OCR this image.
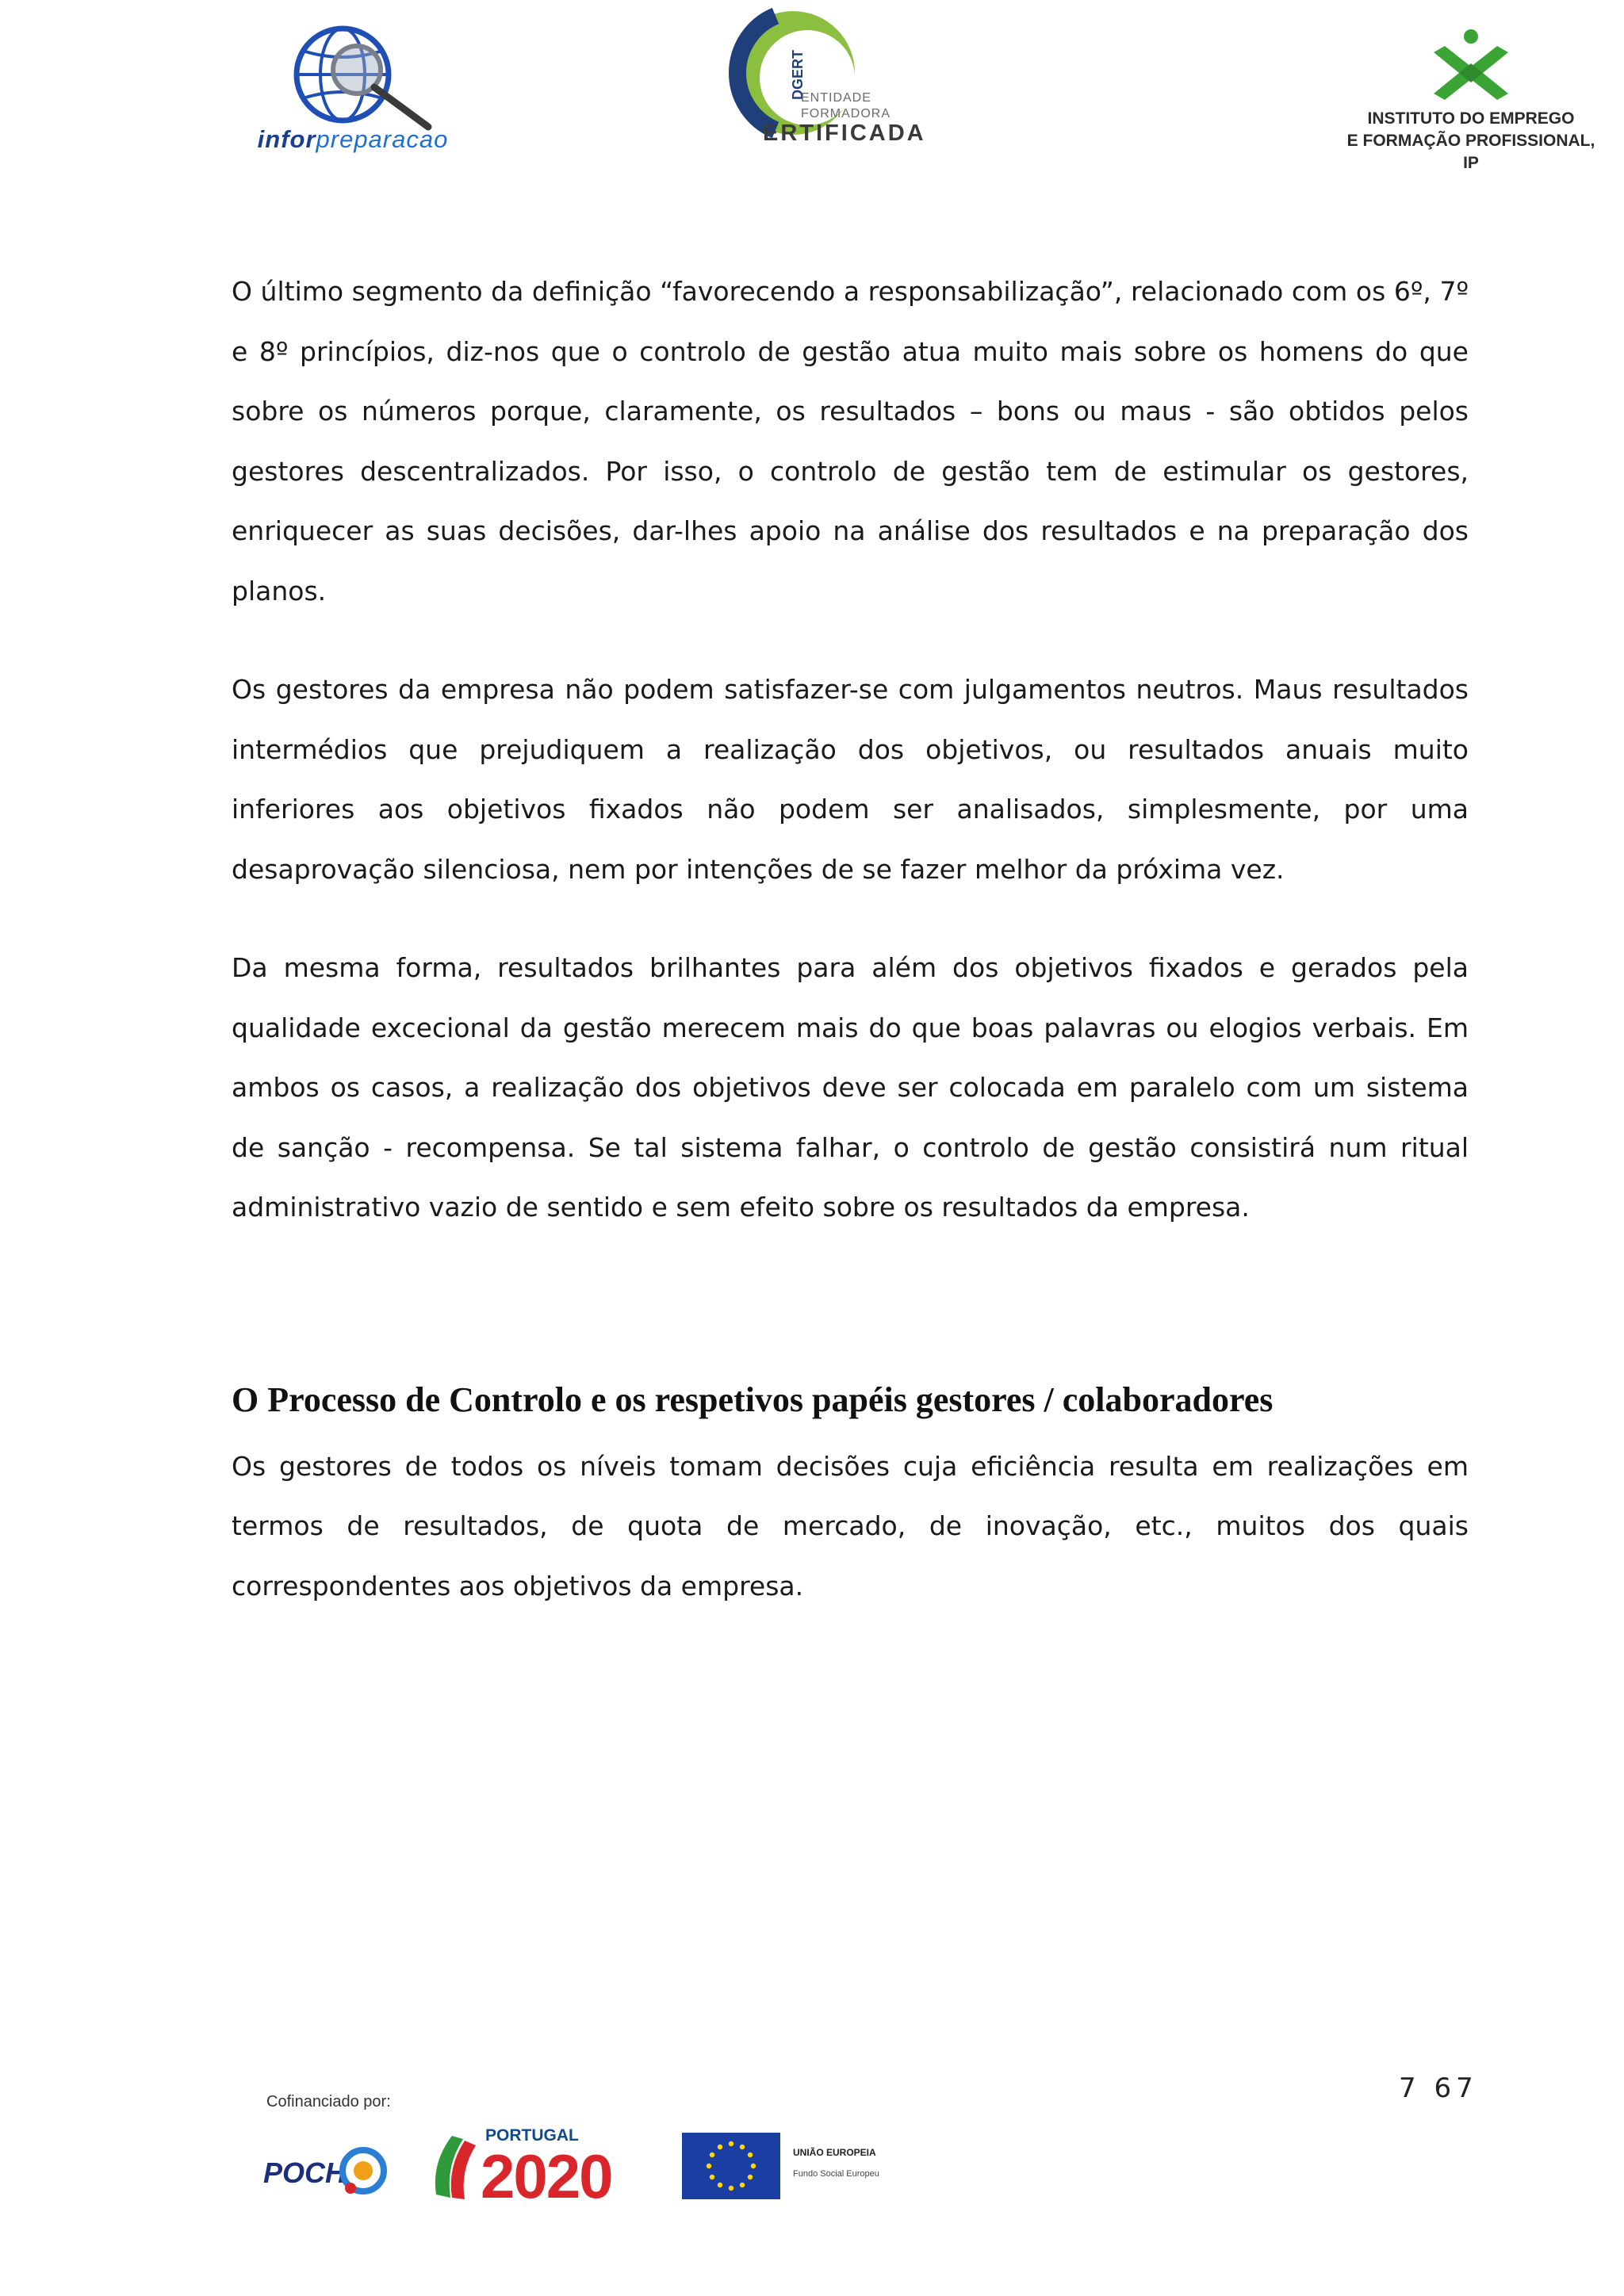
inforpreparacao
DGERT
ENTIDADE
FORMADORA
ERTIFICADA
INSTITUTO DO EMPREGO
E FORMAÇÃO PROFISSIONAL, IP

O último segmento da definição “favorecendo a responsabilização”, relacionado com os 6º, 7º e 8º princípios, diz-nos que o controlo de gestão atua muito mais sobre os homens do que sobre os números porque, claramente, os resultados – bons ou maus - são obtidos pelos gestores descentralizados. Por isso, o controlo de gestão tem de estimular os gestores, enriquecer as suas decisões, dar-lhes apoio na análise dos resultados e na preparação dos planos.

Os gestores da empresa não podem satisfazer-se com julgamentos neutros. Maus resultados intermédios que prejudiquem a realização dos objetivos, ou resultados anuais muito inferiores aos objetivos fixados não podem ser analisados, simplesmente, por uma desaprovação silenciosa, nem por intenções de se fazer melhor da próxima vez.

Da mesma forma, resultados brilhantes para além dos objetivos fixados e gerados pela qualidade excecional da gestão merecem mais do que boas palavras ou elogios verbais. Em ambos os casos, a realização dos objetivos deve ser colocada em paralelo com um sistema de sanção - recompensa. Se tal sistema falhar, o controlo de gestão consistirá num ritual administrativo vazio de sentido e sem efeito sobre os resultados da empresa.

O Processo de Controlo e os respetivos papéis gestores / colaboradores

Os gestores de todos os níveis tomam decisões cuja eficiência resulta em realizações em termos de resultados, de quota de mercado, de inovação, etc., muitos dos quais correspondentes aos objetivos da empresa.

7 67
Cofinanciado por:
POCH
PORTUGAL
2020	UNIÃO EUROPEIA
Fundo Social Europeu
